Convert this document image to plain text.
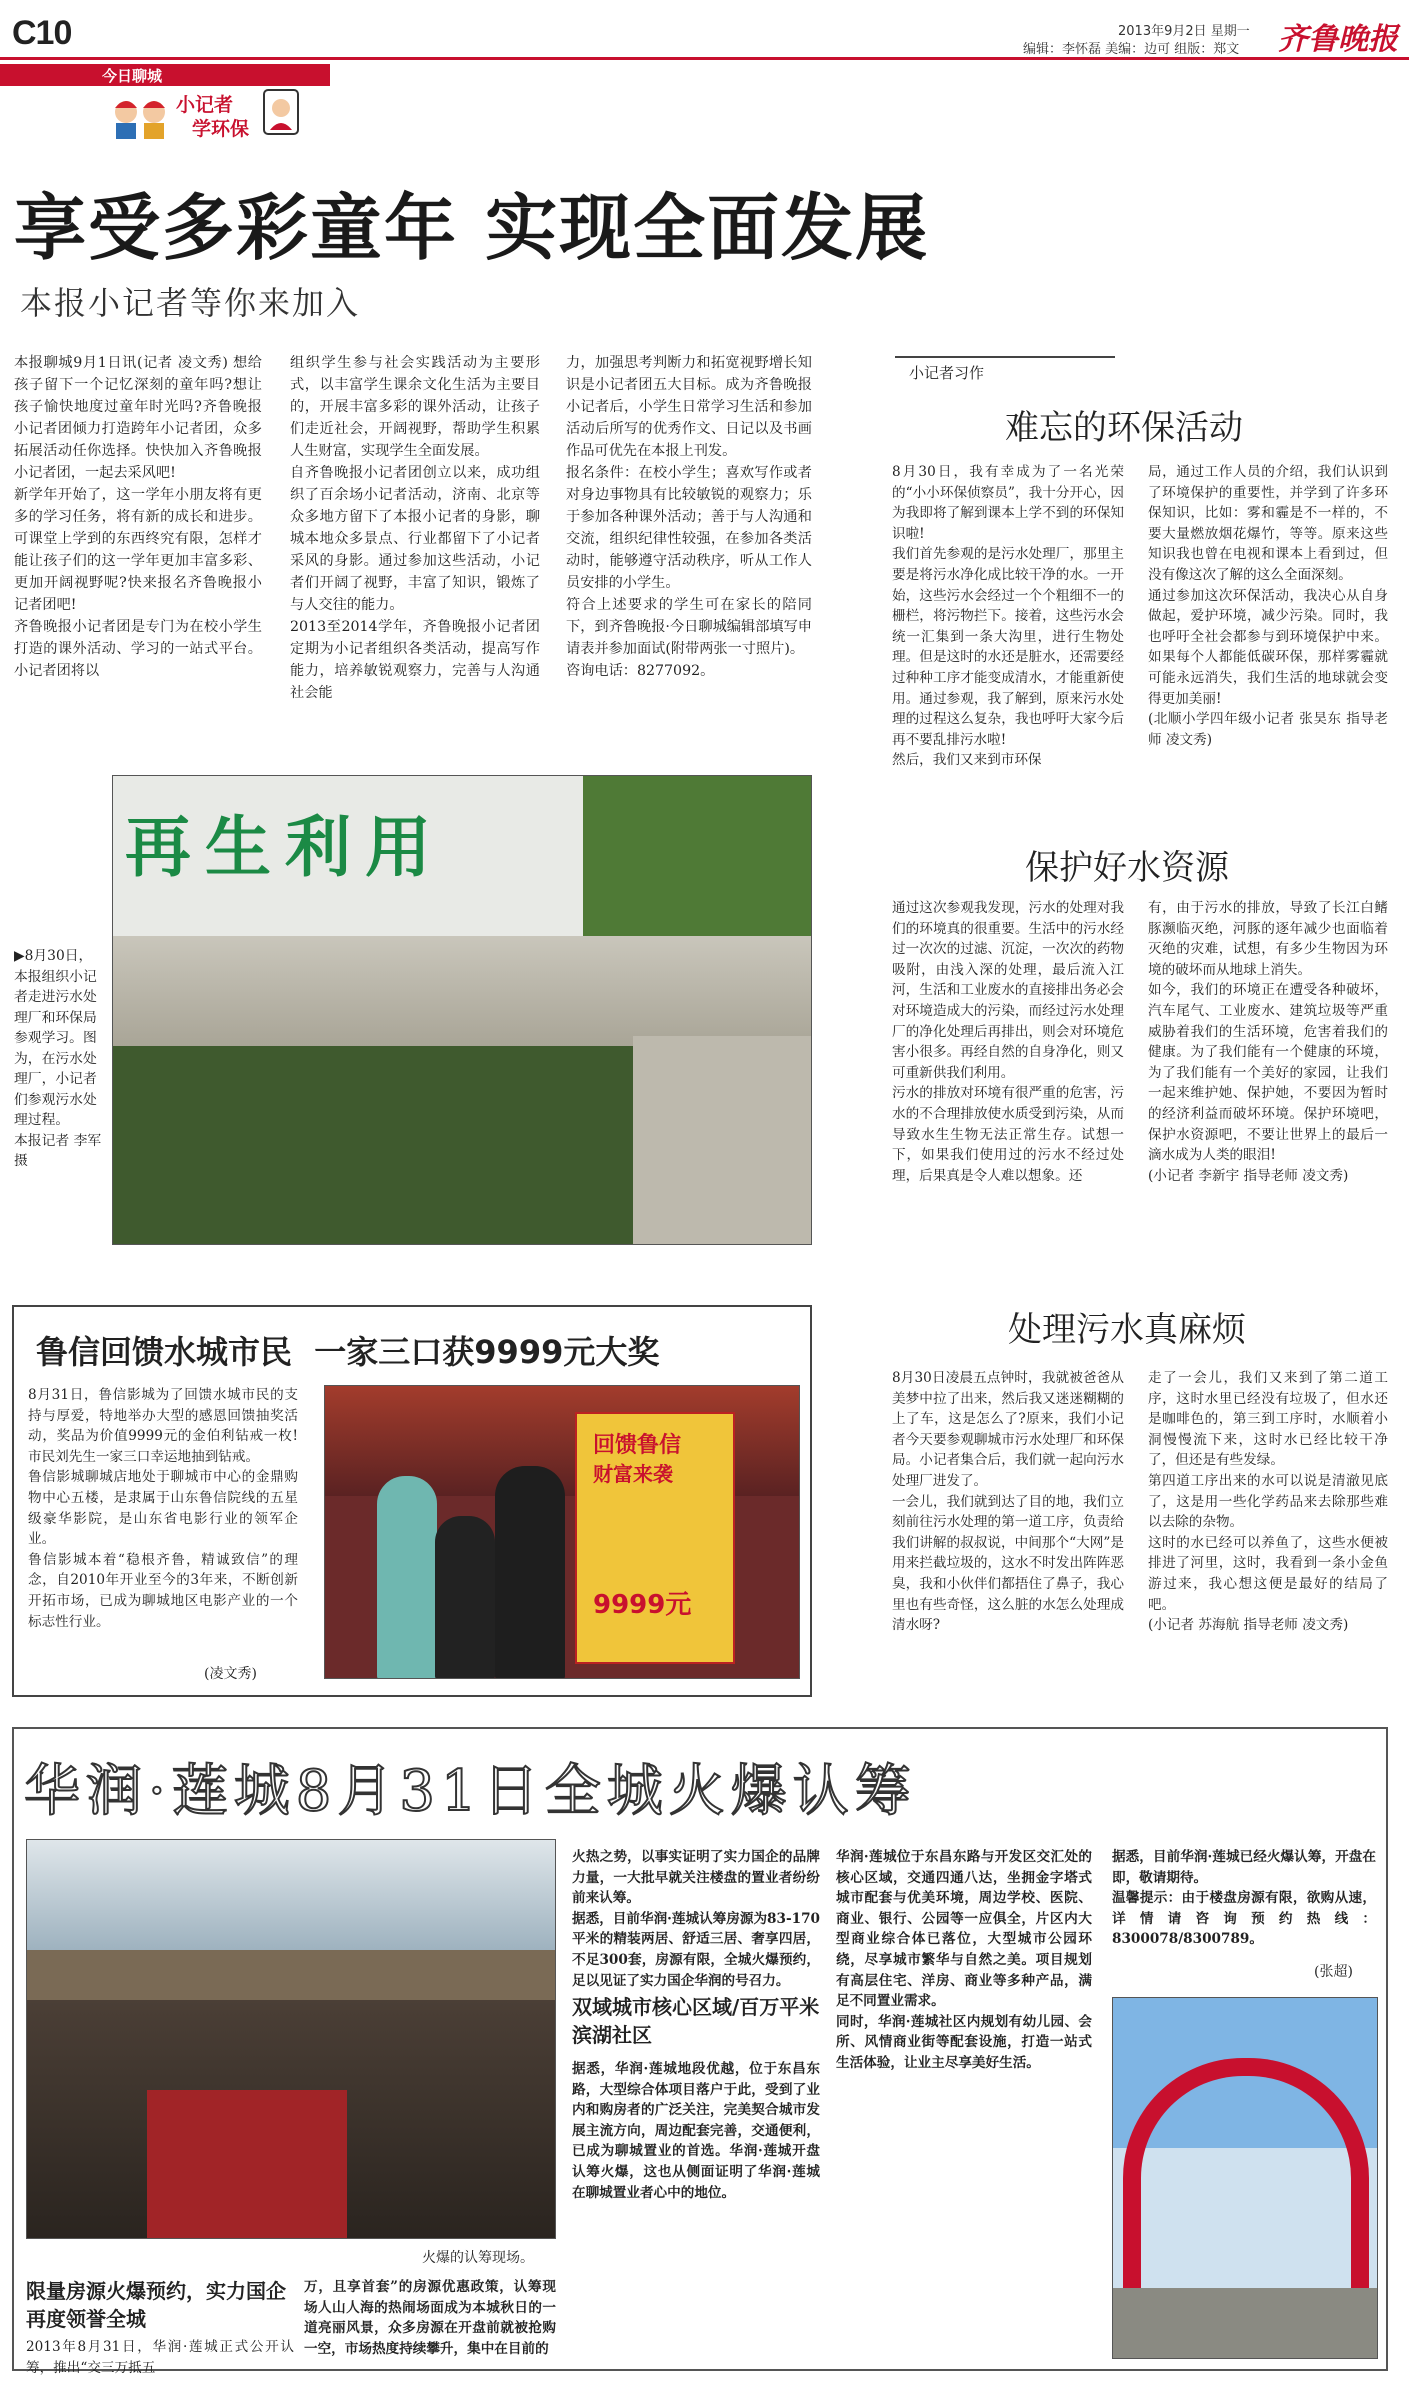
C10
今日聊城
2013年9月2日 星期一
编辑：李怀磊 美编：边可 组版：郑文 齐鲁晚报
小记者
学环保
享受多彩童年 实现全面发展
本报小记者等你来加入
本报聊城9月1日讯(记者 凌文秀) 想给孩子留下一个记忆深刻的童年吗?想让孩子愉快地度过童年时光吗?齐鲁晚报小记者团倾力打造跨年小记者团，众多拓展活动任你选择。快快加入齐鲁晚报小记者团，一起去采风吧!
新学年开始了，这一学年小朋友将有更多的学习任务，将有新的成长和进步。可课堂上学到的东西终究有限，怎样才能让孩子们的这一学年更加丰富多彩、更加开阔视野呢?快来报名齐鲁晚报小记者团吧!
齐鲁晚报小记者团是专门为在校小学生打造的课外活动、学习的一站式平台。小记者团将以
组织学生参与社会实践活动为主要形式，以丰富学生课余文化生活为主要目的，开展丰富多彩的课外活动，让孩子们走近社会，开阔视野，帮助学生积累人生财富，实现学生全面发展。
自齐鲁晚报小记者团创立以来，成功组织了百余场小记者活动，济南、北京等众多地方留下了本报小记者的身影，聊城本地众多景点、行业都留下了小记者采风的身影。通过参加这些活动，小记者们开阔了视野，丰富了知识，锻炼了与人交往的能力。
2013至2014学年，齐鲁晚报小记者团定期为小记者组织各类活动，提高写作能力，培养敏锐观察力，完善与人沟通社会能
力，加强思考判断力和拓宽视野增长知识是小记者团五大目标。成为齐鲁晚报小记者后，小学生日常学习生活和参加活动后所写的优秀作文、日记以及书画作品可优先在本报上刊发。
报名条件：在校小学生；喜欢写作或者对身边事物具有比较敏锐的观察力；乐于参加各种课外活动；善于与人沟通和交流，组织纪律性较强，在参加各类活动时，能够遵守活动秩序，听从工作人员安排的小学生。
符合上述要求的学生可在家长的陪同下，到齐鲁晚报·今日聊城编辑部填写申请表并参加面试(附带两张一寸照片)。
咨询电话：8277092。
▶8月30日，本报组织小记者走进污水处理厂和环保局参观学习。图为，在污水处理厂，小记者们参观污水处理过程。
本报记者 李军 摄
再生利用
小记者习作
难忘的环保活动
8月30日，我有幸成为了一名光荣的“小小环保侦察员”，我十分开心，因为我即将了解到课本上学不到的环保知识啦!
我们首先参观的是污水处理厂，那里主要是将污水净化成比较干净的水。一开始，这些污水会经过一个个粗细不一的栅栏，将污物拦下。接着，这些污水会统一汇集到一条大沟里，进行生物处理。但是这时的水还是脏水，还需要经过种种工序才能变成清水，才能重新使用。通过参观，我了解到，原来污水处理的过程这么复杂，我也呼吁大家今后再不要乱排污水啦!
然后，我们又来到市环保
局，通过工作人员的介绍，我们认识到了环境保护的重要性，并学到了许多环保知识，比如：雾和霾是不一样的，不要大量燃放烟花爆竹，等等。原来这些知识我也曾在电视和课本上看到过，但没有像这次了解的这么全面深刻。
通过参加这次环保活动，我决心从自身做起，爱护环境，减少污染。同时，我也呼吁全社会都参与到环境保护中来。如果每个人都能低碳环保，那样雾霾就可能永远消失，我们生活的地球就会变得更加美丽!
(北顺小学四年级小记者 张昊东 指导老师 凌文秀)
保护好水资源
通过这次参观我发现，污水的处理对我们的环境真的很重要。生活中的污水经过一次次的过滤、沉淀，一次次的药物吸附，由浅入深的处理，最后流入江河，生活和工业废水的直接排出务必会对环境造成大的污染，而经过污水处理厂的净化处理后再排出，则会对环境危害小很多。再经自然的自身净化，则又可重新供我们利用。
污水的排放对环境有很严重的危害，污水的不合理排放使水质受到污染，从而导致水生生物无法正常生存。试想一下，如果我们使用过的污水不经过处理，后果真是令人难以想象。还
有，由于污水的排放，导致了长江白鳍豚濒临灭绝，河豚的逐年减少也面临着灭绝的灾难，试想，有多少生物因为环境的破坏而从地球上消失。
如今，我们的环境正在遭受各种破坏，汽车尾气、工业废水、建筑垃圾等严重威胁着我们的生活环境，危害着我们的健康。为了我们能有一个健康的环境，为了我们能有一个美好的家园，让我们一起来维护她、保护她，不要因为暂时的经济利益而破坏环境。保护环境吧，保护水资源吧，不要让世界上的最后一滴水成为人类的眼泪!
(小记者 李新宇 指导老师 凌文秀)
处理污水真麻烦
8月30日凌晨五点钟时，我就被爸爸从美梦中拉了出来，然后我又迷迷糊糊的上了车，这是怎么了?原来，我们小记者今天要参观聊城市污水处理厂和环保局。小记者集合后，我们就一起向污水处理厂进发了。
一会儿，我们就到达了目的地，我们立刻前往污水处理的第一道工序，负责给我们讲解的叔叔说，中间那个“大网”是用来拦截垃圾的，这水不时发出阵阵恶臭，我和小伙伴们都捂住了鼻子，我心里也有些奇怪，这么脏的水怎么处理成清水呀?
走了一会儿，我们又来到了第二道工序，这时水里已经没有垃圾了，但水还是咖啡色的，第三到工序时，水顺着小洞慢慢流下来，这时水已经比较干净了，但还是有些发绿。
第四道工序出来的水可以说是清澈见底了，这是用一些化学药品来去除那些难以去除的杂物。
这时的水已经可以养鱼了，这些水便被排进了河里，这时，我看到一条小金鱼游过来，我心想这便是最好的结局了吧。
(小记者 苏海航 指导老师 凌文秀)
鲁信回馈水城市民  一家三口获9999元大奖
8月31日，鲁信影城为了回馈水城市民的支持与厚爱，特地举办大型的感恩回馈抽奖活动，奖品为价值9999元的金伯利钻戒一枚!市民刘先生一家三口幸运地抽到钻戒。
鲁信影城聊城店地处于聊城市中心的金鼎购物中心五楼，是隶属于山东鲁信院线的五星级豪华影院，是山东省电影行业的领军企业。
鲁信影城本着“稳根齐鲁，精诚致信”的理念，自2010年开业至今的3年来，不断创新开拓市场，已成为聊城地区电影产业的一个标志性行业。
(凌文秀)
回馈鲁信
财富来袭
9999元
华润·莲城8月31日全城火爆认筹
火爆的认筹现场。
限量房源火爆预约，实力国企再度领誉全城
2013年8月31日，华润·莲城正式公开认筹，推出“交三万抵五
万，且享首套”的房源优惠政策，认筹现场人山人海的热闹场面成为本城秋日的一道亮丽风景，众多房源在开盘前就被抢购一空，市场热度持续攀升，集中在目前的
火热之势，以事实证明了实力国企的品牌力量，一大批早就关注楼盘的置业者纷纷前来认筹。
据悉，目前华润·莲城认筹房源为83-170平米的精装两居、舒适三居、奢享四居，不足300套，房源有限，全城火爆预约，足以见证了实力国企华润的号召力。

双域城市核心区域/百万平米滨湖社区
据悉，华润·莲城地段优越，位于东昌东路，大型综合体项目落户于此，受到了业内和购房者的广泛关注，完美契合城市发展主流方向，周边配套完善，交通便利，已成为聊城置业的首选。华润·莲城开盘认筹火爆，这也从侧面证明了华润·莲城在聊城置业者心中的地位。
华润·莲城位于东昌东路与开发区交汇处的核心区域，交通四通八达，坐拥金字塔式城市配套与优美环境，周边学校、医院、商业、银行、公园等一应俱全，片区内大型商业综合体已落位，大型城市公园环绕，尽享城市繁华与自然之美。项目规划有高层住宅、洋房、商业等多种产品，满足不同置业需求。
同时，华润·莲城社区内规划有幼儿园、会所、风情商业街等配套设施，打造一站式生活体验，让业主尽享美好生活。
据悉，目前华润·莲城已经火爆认筹，开盘在即，敬请期待。
温馨提示：由于楼盘房源有限，欲购从速，详情请咨询预约热线：8300078/8300789。
(张超)
